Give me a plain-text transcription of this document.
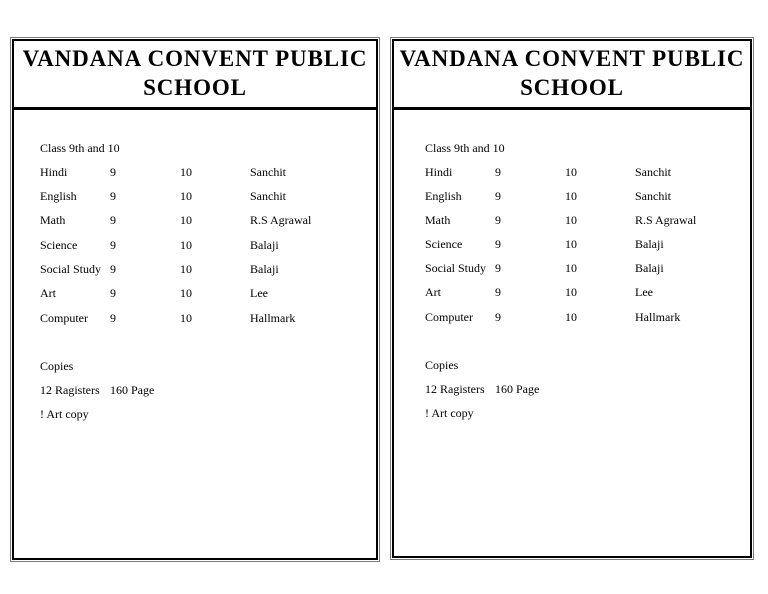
VANDANA CONVENT PUBLIC
SCHOOL
Class 9th and 10
Hindi	9	10	Sanchit
English	9	10	Sanchit
Math	9	10	R.S Agrawal
Science	9	10	Balaji
Social Study 9	10	Balaji
Art	9	10	Lee
Computer 9	10	Hallmark
Copies
12 Ragisters 160 Page
! Art copy
VANDANA CONVENT PUBLIC
SCHOOL
Class 9th and 10
Hindi	9	10	Sanchit
English	9	10	Sanchit
Math	9	10	R.S Agrawal
Science	9	10	Balaji
Social Study 9	10	Balaji
Art	9	10	Lee
Computer 9	10	Hallmark
Copies
12 Ragisters 160 Page
! Art copy
